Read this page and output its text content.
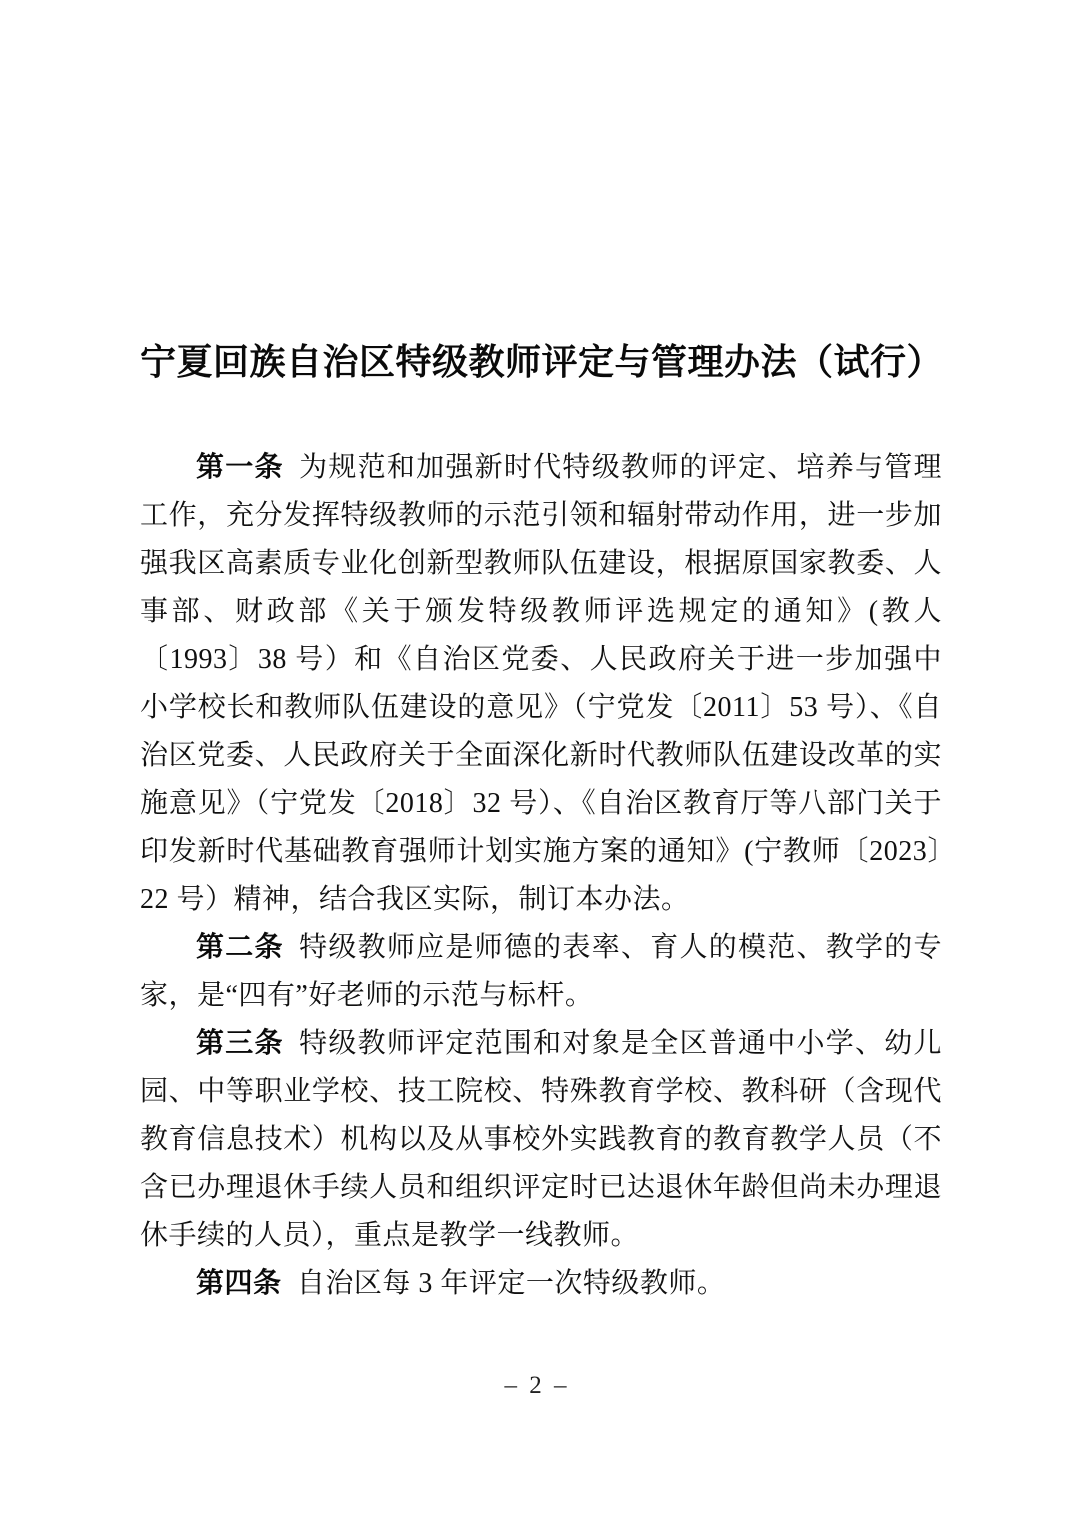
宁夏回族自治区特级教师评定与管理办法（试行）

第一条 为规范和加强新时代特级教师的评定、培养与管理工作，充分发挥特级教师的示范引领和辐射带动作用，进一步加强我区高素质专业化创新型教师队伍建设，根据原国家教委、人事部、财政部《关于颁发特级教师评选规定的通知》(教人〔1993〕38 号）和《自治区党委、人民政府关于进一步加强中小学校长和教师队伍建设的意见》（宁党发〔2011〕53 号）、《自治区党委、人民政府关于全面深化新时代教师队伍建设改革的实施意见》（宁党发〔2018〕32 号）、《自治区教育厅等八部门关于印发新时代基础教育强师计划实施方案的通知》(宁教师〔2023〕22 号）精神，结合我区实际，制订本办法。

第二条 特级教师应是师德的表率、育人的模范、教学的专家，是“四有”好老师的示范与标杆。

第三条 特级教师评定范围和对象是全区普通中小学、幼儿园、中等职业学校、技工院校、特殊教育学校、教科研（含现代教育信息技术）机构以及从事校外实践教育的教育教学人员（不含已办理退休手续人员和组织评定时已达退休年龄但尚未办理退休手续的人员），重点是教学一线教师。

第四条 自治区每 3 年评定一次特级教师。

– 2 –
